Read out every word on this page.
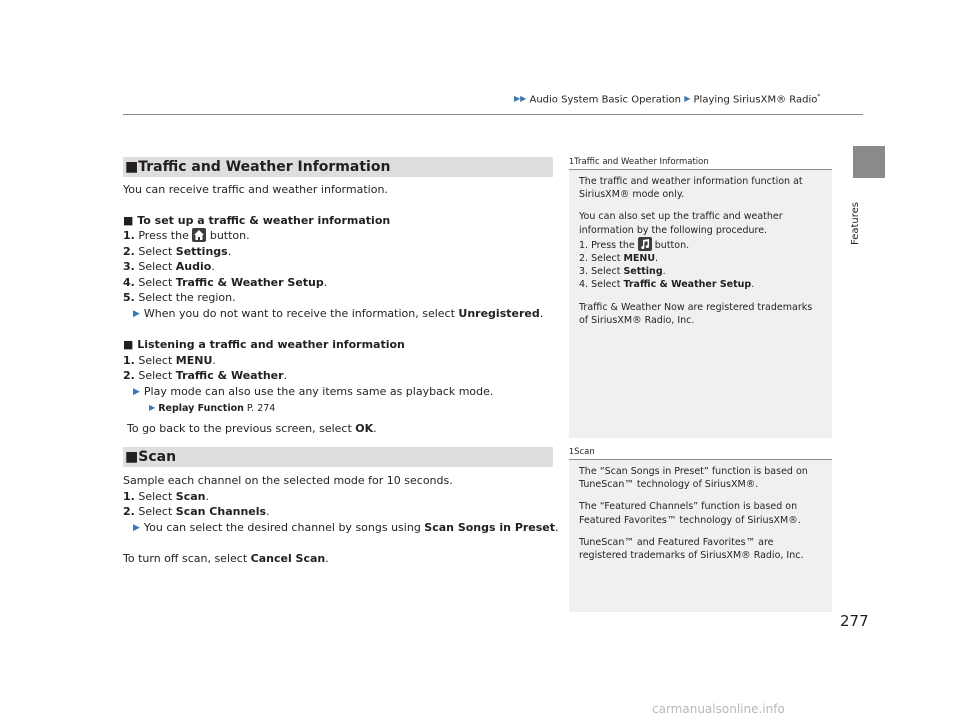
▶▶ Audio System Basic Operation ▶ Playing SiriusXM® Radio*
Features
■Traffic and Weather Information
You can receive traffic and weather information.
■ To set up a traffic & weather information
1. Press the
button.
2. Select Settings.
3. Select Audio.
4. Select Traffic & Weather Setup.
5. Select the region.
▶ When you do not want to receive the information, select Unregistered.
■ Listening a traffic and weather information
1. Select MENU.
2. Select Traffic & Weather.
▶ Play mode can also use the any items same as playback mode.
▶ Replay Function P. 274
To go back to the previous screen, select OK.
■Scan
Sample each channel on the selected mode for 10 seconds.
1. Select Scan.
2. Select Scan Channels.
▶ You can select the desired channel by songs using Scan Songs in Preset.
To turn off scan, select Cancel Scan.
1Traffic and Weather Information

The traffic and weather information function at SiriusXM® mode only.

You can also set up the traffic and weather information by the following procedure.

1. Press the
button.
2. Select MENU.
3. Select Setting.
4. Select Traffic & Weather Setup.

Traffic & Weather Now are registered trademarks of SiriusXM® Radio, Inc.

1Scan

The “Scan Songs in Preset” function is based on TuneScan™ technology of SiriusXM®.

The “Featured Channels” function is based on Featured Favorites™ technology of SiriusXM®.

TuneScan™ and Featured Favorites™ are registered trademarks of SiriusXM® Radio, Inc.

277
carmanualsonline.info
